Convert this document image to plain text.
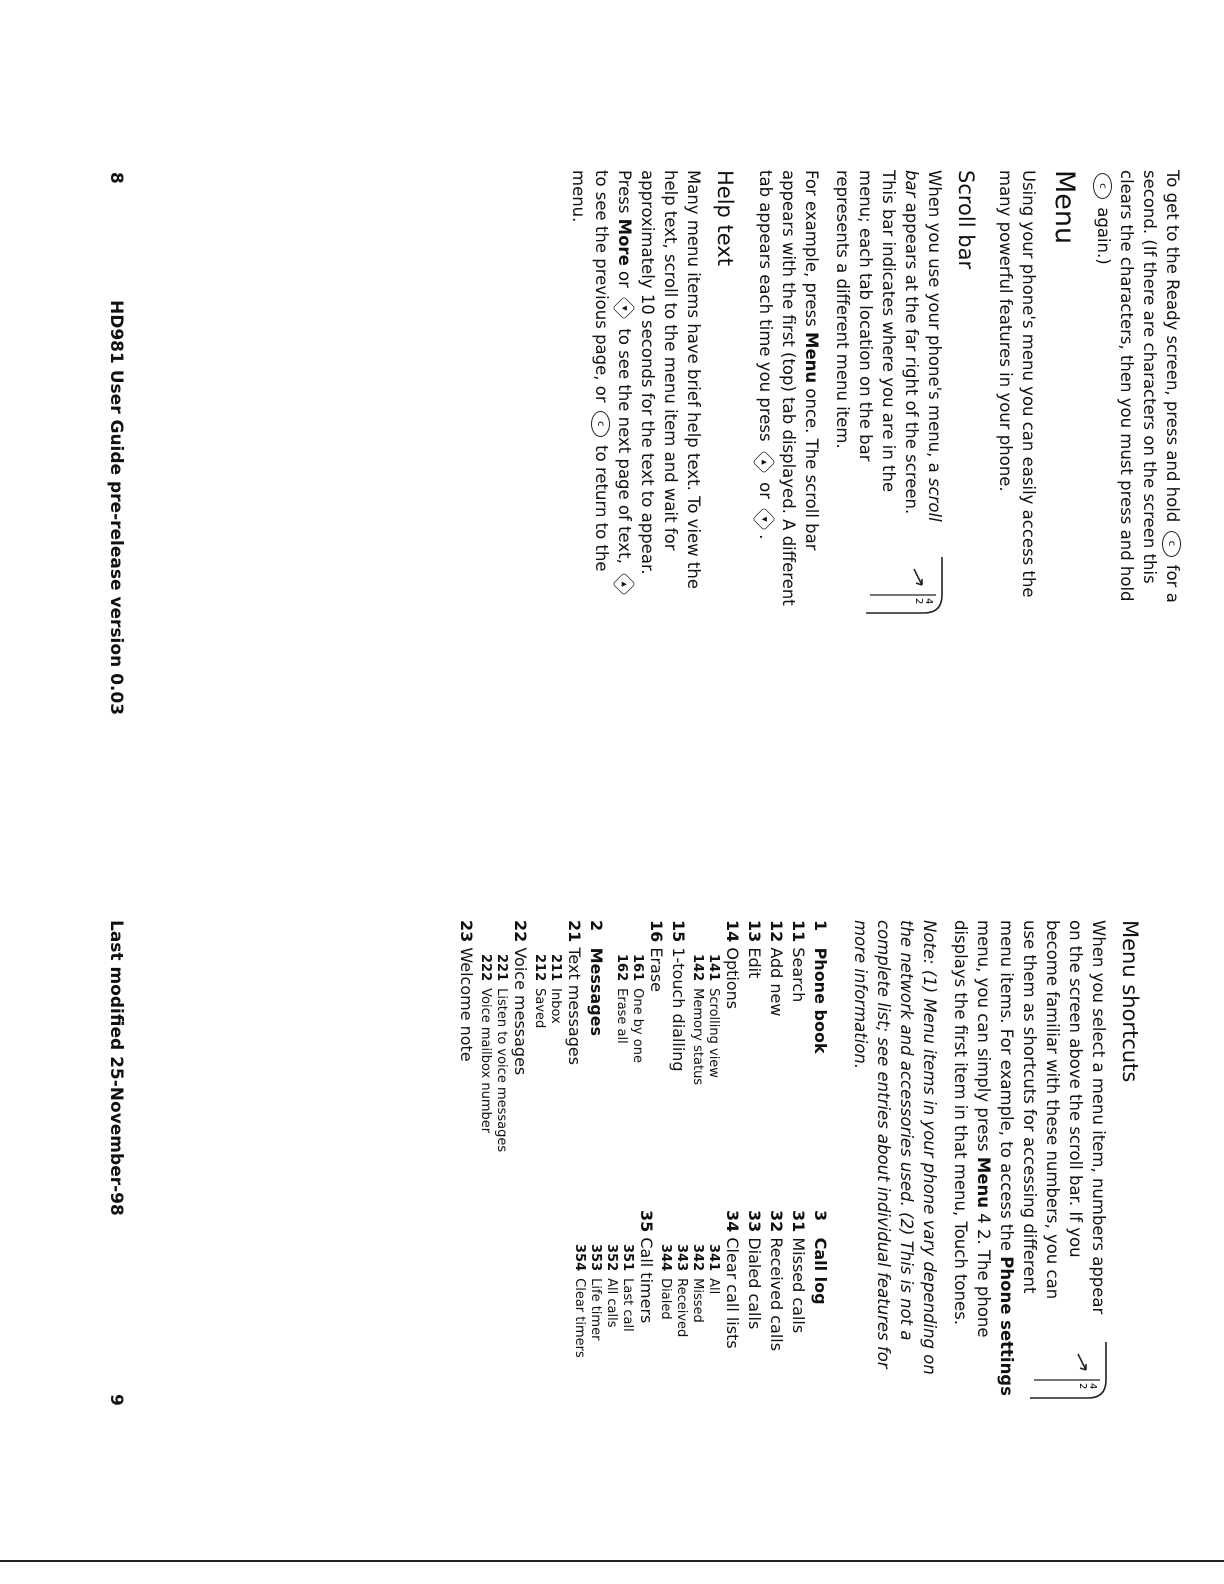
To get to the Ready screen, press and hold c for a second. (If there are characters on the screen this clears the characters, then you must press and hold c again.)

Menu

Using your phone's menu you can easily access the many powerful features in your phone.

Scroll bar

4
2
When you use your phone's menu, a scroll bar appears at the far right of the screen. This bar indicates where you are in the menu; each tab location on the bar represents a different menu item.

For example, press Menu once. The scroll bar appears with the first (top) tab displayed. A different tab appears each time you press ▲ or ▼.

Help text

Many menu items have brief help text. To view the help text, scroll to the menu item and wait for approximately 10 seconds for the text to appear. Press More or ▼ to see the next page of text, ▲ to see the previous page, or c to return to the menu.

8
HD981 User Guide pre-release version 0.03
Menu shortcuts

4
2
When you select a menu item, numbers appear on the screen above the scroll bar. If you become familiar with these numbers, you can use them as shortcuts for accessing different menu items. For example, to access the Phone settings menu, you can simply press Menu 4 2. The phone displays the first item in that menu, Touch tones.

Note: (1) Menu items in your phone vary depending on the network and accessories used. (2) This is not a complete list; see entries about individual features for more information.

1 Phone book
11 Search
12 Add new
13 Edit
14 Options
141 Scrolling view
142 Memory status
15 1-touch dialling
16 Erase
161 One by one
162 Erase all
2 Messages
21 Text messages
211 Inbox
212 Saved
22 Voice messages
221 Listen to voice messages
222 Voice mailbox number
23 Welcome note
3 Call log
31 Missed calls
32 Received calls
33 Dialed calls
34 Clear call lists
341 All
342 Missed
343 Received
344 Dialed
35 Call timers
351 Last call
352 All calls
353 Life timer
354 Clear timers
Last modified 25-November-98
9
